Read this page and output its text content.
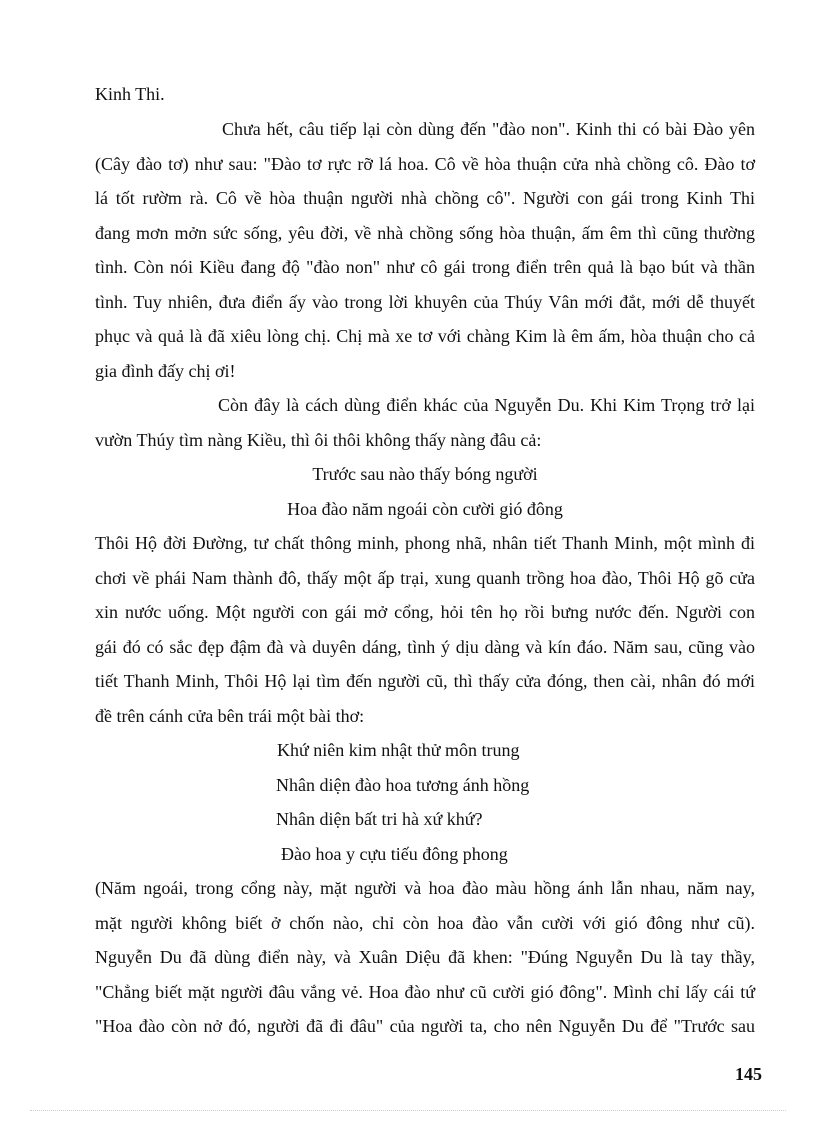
Kinh Thi.
Chưa hết, câu tiếp lại còn dùng đến "đào non". Kinh thi có bài Đào yên
(Cây đào tơ) như sau: "Đào tơ rực rỡ lá hoa. Cô về hòa thuận cửa nhà chồng cô. Đào tơ
lá tốt rườm rà. Cô về hòa thuận người nhà chồng cô". Người con gái trong Kinh Thi
đang mơn mởn sức sống, yêu đời, về nhà chồng sống hòa thuận, ấm êm thì cũng thường
tình. Còn nói Kiều đang độ "đào non" như cô gái trong điển trên quả là bạo bút và thần
tình. Tuy nhiên, đưa điển ấy vào trong lời khuyên của Thúy Vân mới đắt, mới dễ thuyết
phục và quả là đã xiêu lòng chị. Chị mà xe tơ với chàng Kim là êm ấm, hòa thuận cho cả
gia đình đấy chị ơi!
Còn đây là cách dùng điển khác của Nguyễn Du. Khi Kim Trọng trở lại
vườn Thúy tìm nàng Kiều, thì ôi thôi không thấy nàng đâu cả:
Trước sau nào thấy bóng người
Hoa đào năm ngoái còn cười gió đông
Thôi Hộ đời Đường, tư chất thông minh, phong nhã, nhân tiết Thanh Minh, một mình đi
chơi về phái Nam thành đô, thấy một ấp trại, xung quanh trồng hoa đào, Thôi Hộ gõ cửa
xin nước uống. Một người con gái mở cổng, hỏi tên họ rồi bưng nước đến. Người con
gái đó có sắc đẹp đậm đà và duyên dáng, tình ý dịu dàng và kín đáo. Năm sau, cũng vào
tiết Thanh Minh, Thôi Hộ lại tìm đến người cũ, thì thấy cửa đóng, then cài, nhân đó mới
đề trên cánh cửa bên trái một bài thơ:
Khứ niên kim nhật thử môn trung
Nhân diện đào hoa tương ánh hồng
Nhân diện bất tri hà xứ khứ?
Đào hoa y cựu tiếu đông phong
(Năm ngoái, trong cổng này, mặt người và hoa đào màu hồng ánh lẫn nhau, năm nay,
mặt người không biết ở chốn nào, chỉ còn hoa đào vẫn cười với gió đông như cũ).
Nguyễn Du đã dùng điển này, và Xuân Diệu đã khen: "Đúng Nguyễn Du là tay thầy,
"Chẳng biết mặt người đâu vắng vẻ. Hoa đào như cũ cười gió đông". Mình chỉ lấy cái tứ
"Hoa đào còn nở đó, người đã đi đâu" của người ta, cho nên Nguyễn Du để "Trước sau
145
